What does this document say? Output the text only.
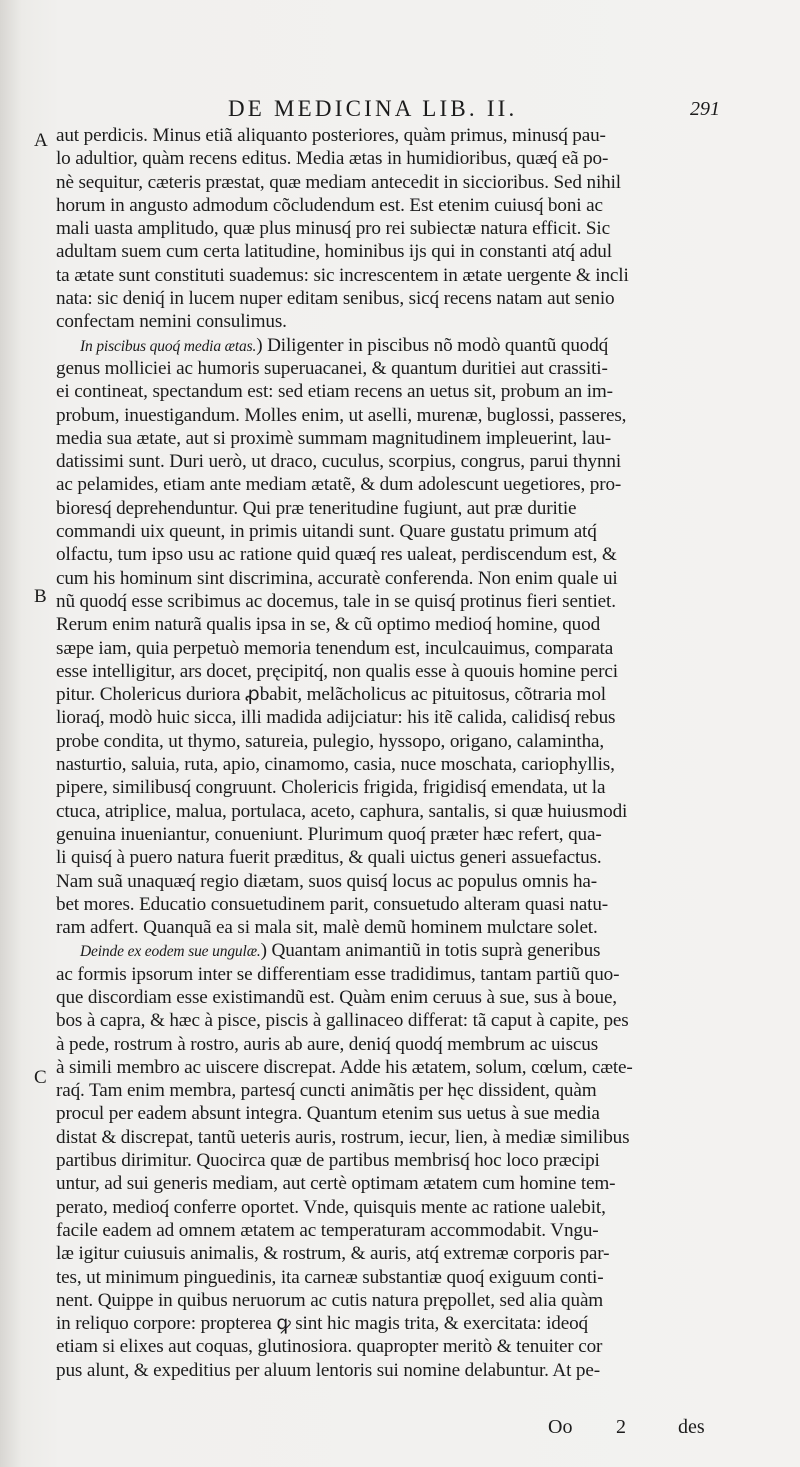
DE MEDICINA LIB. II.	291
A
B
C
aut perdicis. Minus etiã aliquanto posteriores, quàm primus, minusq́ pau-
lo adultior, quàm recens editus. Media ætas in humidioribus, quæq́ eã po-
nè sequitur, cæteris præstat, quæ mediam antecedit in siccioribus. Sed nihil
horum in angusto admodum cõcludendum est. Est etenim cuiusq́ boni ac
mali uasta amplitudo, quæ plus minusq́ pro rei subiectæ natura efficit. Sic
adultam suem cum certa latitudine, hominibus ijs qui in constanti atq́ adul
ta ætate sunt constituti suademus: sic increscentem in ætate uergente & incli
nata: sic deniq́ in lucem nuper editam senibus, sicq́ recens natam aut senio
confectam nemini consulimus.
In piscibus quoq́ media ætas.) Diligenter in piscibus nõ modò quantũ quodq́
genus molliciei ac humoris superuacanei, & quantum duritiei aut crassiti-
ei contineat, spectandum est: sed etiam recens an uetus sit, probum an im-
probum, inuestigandum. Molles enim, ut aselli, murenæ, buglossi, passeres,
media sua ætate, aut si proximè summam magnitudinem impleuerint, lau-
datissimi sunt. Duri uerò, ut draco, cuculus, scorpius, congrus, parui thynni
ac pelamides, etiam ante mediam ætatẽ, & dum adolescunt uegetiores, pro-
bioresq́ deprehenduntur. Qui præ teneritudine fugiunt, aut præ duritie
commandi uix queunt, in primis uitandi sunt. Quare gustatu primum atq́
olfactu, tum ipso usu ac ratione quid quæq́ res ualeat, perdiscendum est, &
cum his hominum sint discrimina, accuratè conferenda. Non enim quale ui
nũ quodq́ esse scribimus ac docemus, tale in se quisq́ protinus fieri sentiet.
Rerum enim naturã qualis ipsa in se, & cũ optimo medioq́ homine, quod
sæpe iam, quia perpetuò memoria tenendum est, inculcauimus, comparata
esse intelligitur, ars docet, pręcipitq́, non qualis esse à quouis homine perci
pitur. Cholericus duriora ꝓbabit, melãcholicus ac pituitosus, cõtraria mol
lioraq́, modò huic sicca, illi madida adijciatur: his itẽ calida, calidisq́ rebus
probe condita, ut thymo, satureia, pulegio, hyssopo, origano, calamintha,
nasturtio, saluia, ruta, apio, cinamomo, casia, nuce moschata, cariophyllis,
pipere, similibusq́ congruunt. Cholericis frigida, frigidisq́ emendata, ut la
ctuca, atriplice, malua, portulaca, aceto, caphura, santalis, si quæ huiusmodi
genuina inueniantur, conueniunt. Plurimum quoq́ præter hæc refert, qua-
li quisq́ à puero natura fuerit præditus, & quali uictus generi assuefactus.
Nam suã unaquæq́ regio diætam, suos quisq́ locus ac populus omnis ha-
bet mores. Educatio consuetudinem parit, consuetudo alteram quasi natu-
ram adfert. Quanquã ea si mala sit, malè demũ hominem mulctare solet.
Deinde ex eodem sue ungulæ.) Quantam animantiũ in totis suprà generibus
ac formis ipsorum inter se differentiam esse tradidimus, tantam partiũ quo-
que discordiam esse existimandũ est. Quàm enim ceruus à sue, sus à boue,
bos à capra, & hæc à pisce, piscis à gallinaceo differat: tã caput à capite, pes
à pede, rostrum à rostro, auris ab aure, deniq́ quodq́ membrum ac uiscus
à simili membro ac uiscere discrepat. Adde his ætatem, solum, cœlum, cæte-
raq́. Tam enim membra, partesq́ cuncti animãtis per hęc dissident, quàm
procul per eadem absunt integra. Quantum etenim sus uetus à sue media
distat & discrepat, tantũ ueteris auris, rostrum, iecur, lien, à mediæ similibus
partibus dirimitur. Quocirca quæ de partibus membrisq́ hoc loco præcipi
untur, ad sui generis mediam, aut certè optimam ætatem cum homine tem-
perato, medioq́ conferre oportet. Vnde, quisquis mente ac ratione ualebit,
facile eadem ad omnem ætatem ac temperaturam accommodabit. Vngu-
læ igitur cuiusuis animalis, & rostrum, & auris, atq́ extremæ corporis par-
tes, ut minimum pinguedinis, ita carneæ substantiæ quoq́ exiguum conti-
nent. Quippe in quibus neruorum ac cutis natura prępollet, sed alia quàm
in reliquo corpore: propterea ꝙ sint hic magis trita, & exercitata: ideoq́
etiam si elixes aut coquas, glutinosiora. quapropter meritò & tenuiter cor
pus alunt, & expeditius per aluum lentoris sui nomine delabuntur. At pe-
Oo 2	des
